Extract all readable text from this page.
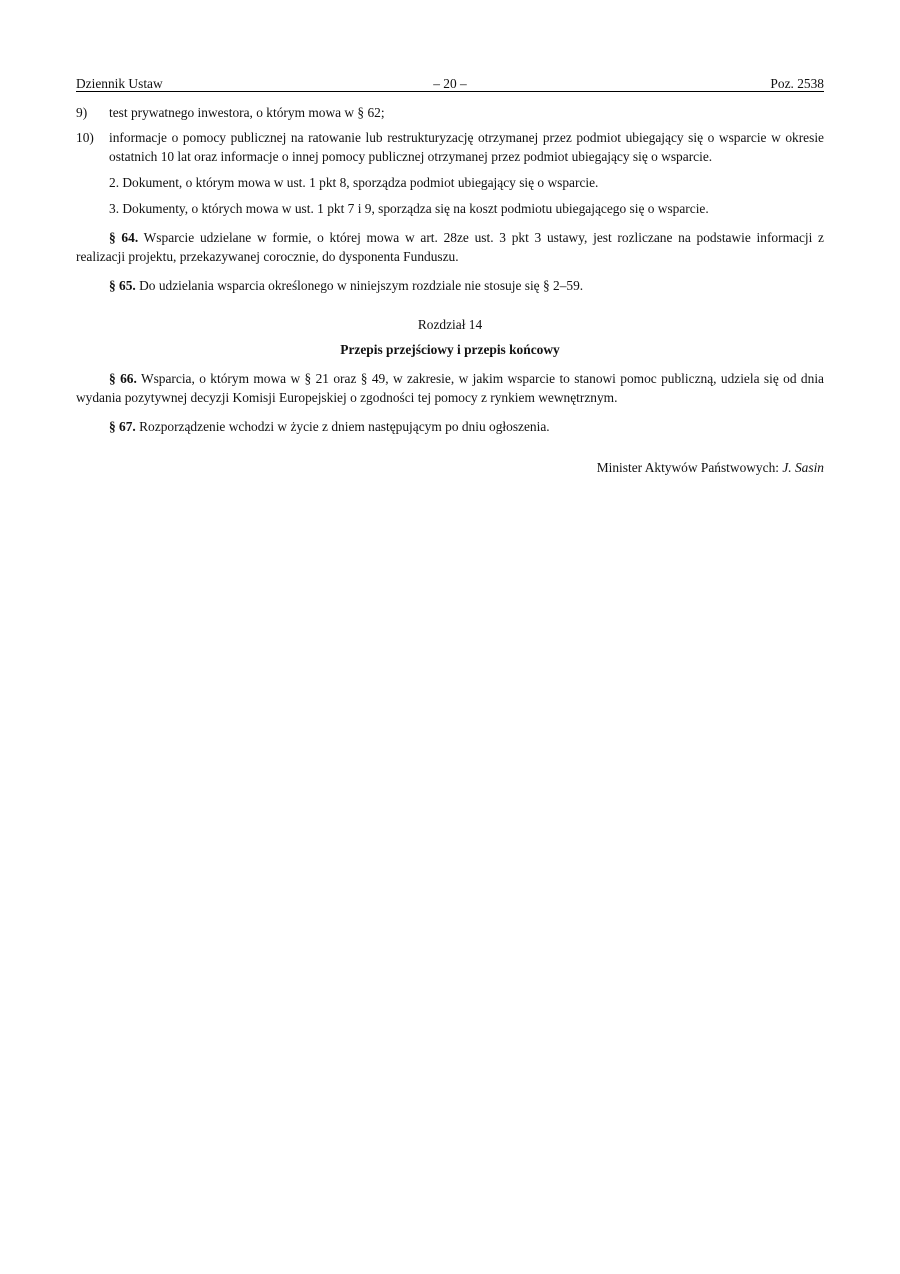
Dziennik Ustaw	– 20 –	Poz. 2538
9) test prywatnego inwestora, o którym mowa w § 62;
10) informacje o pomocy publicznej na ratowanie lub restrukturyzację otrzymanej przez podmiot ubiegający się o wsparcie w okresie ostatnich 10 lat oraz informacje o innej pomocy publicznej otrzymanej przez podmiot ubiegający się o wsparcie.

2. Dokument, o którym mowa w ust. 1 pkt 8, sporządza podmiot ubiegający się o wsparcie.

3. Dokumenty, o których mowa w ust. 1 pkt 7 i 9, sporządza się na koszt podmiotu ubiegającego się o wsparcie.

§ 64. Wsparcie udzielane w formie, o której mowa w art. 28ze ust. 3 pkt 3 ustawy, jest rozliczane na podstawie informacji z realizacji projektu, przekazywanej corocznie, do dysponenta Funduszu.

§ 65. Do udzielania wsparcia określonego w niniejszym rozdziale nie stosuje się § 2–59.

Rozdział 14
Przepis przejściowy i przepis końcowy

§ 66. Wsparcia, o którym mowa w § 21 oraz § 49, w zakresie, w jakim wsparcie to stanowi pomoc publiczną, udziela się od dnia wydania pozytywnej decyzji Komisji Europejskiej o zgodności tej pomocy z rynkiem wewnętrznym.

§ 67. Rozporządzenie wchodzi w życie z dniem następującym po dniu ogłoszenia.

Minister Aktywów Państwowych: J. Sasin
